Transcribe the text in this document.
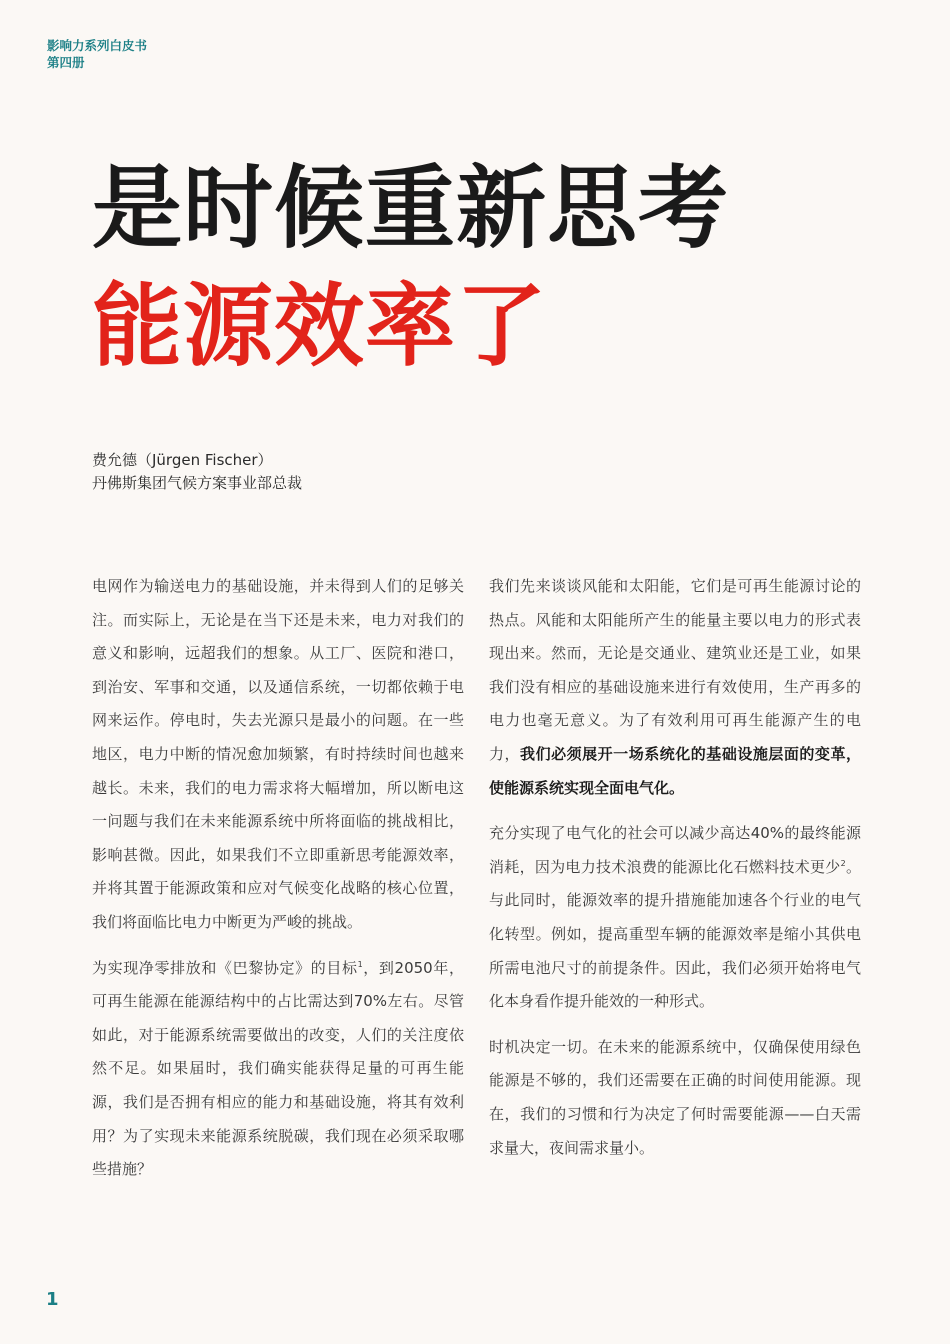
影响力系列白皮书
第四册
是时候重新思考
能源效率了
费允德（Jürgen Fischer）
丹佛斯集团气候方案事业部总裁

电网作为输送电力的基础设施，并未得到人们的足够关注。而实际上，无论是在当下还是未来，电力对我们的意义和影响，远超我们的想象。从工厂、医院和港口，到治安、军事和交通，以及通信系统，一切都依赖于电网来运作。停电时，失去光源只是最小的问题。在一些地区，电力中断的情况愈加频繁，有时持续时间也越来越长。未来，我们的电力需求将大幅增加，所以断电这一问题与我们在未来能源系统中所将面临的挑战相比，影响甚微。因此，如果我们不立即重新思考能源效率，并将其置于能源政策和应对气候变化战略的核心位置，我们将面临比电力中断更为严峻的挑战。

为实现净零排放和《巴黎协定》的目标$^1$，到2050年，可再生能源在能源结构中的占比需达到70%左右。尽管如此，对于能源系统需要做出的改变，人们的关注度依然不足。如果届时，我们确实能获得足量的可再生能源，我们是否拥有相应的能力和基础设施，将其有效利用？为了实现未来能源系统脱碳，我们现在必须采取哪些措施？

我们先来谈谈风能和太阳能，它们是可再生能源讨论的热点。风能和太阳能所产生的能量主要以电力的形式表现出来。然而，无论是交通业、建筑业还是工业，如果我们没有相应的基础设施来进行有效使用，生产再多的电力也毫无意义。为了有效利用可再生能源产生的电力，我们必须展开一场系统化的基础设施层面的变革，使能源系统实现全面电气化。

充分实现了电气化的社会可以减少高达40%的最终能源消耗，因为电力技术浪费的能源比化石燃料技术更少$^2$。与此同时，能源效率的提升措施能加速各个行业的电气化转型。例如，提高重型车辆的能源效率是缩小其供电所需电池尺寸的前提条件。因此，我们必须开始将电气化本身看作提升能效的一种形式。

时机决定一切。在未来的能源系统中，仅确保使用绿色能源是不够的，我们还需要在正确的时间使用能源。现在，我们的习惯和行为决定了何时需要能源——白天需求量大，夜间需求量小。

1
